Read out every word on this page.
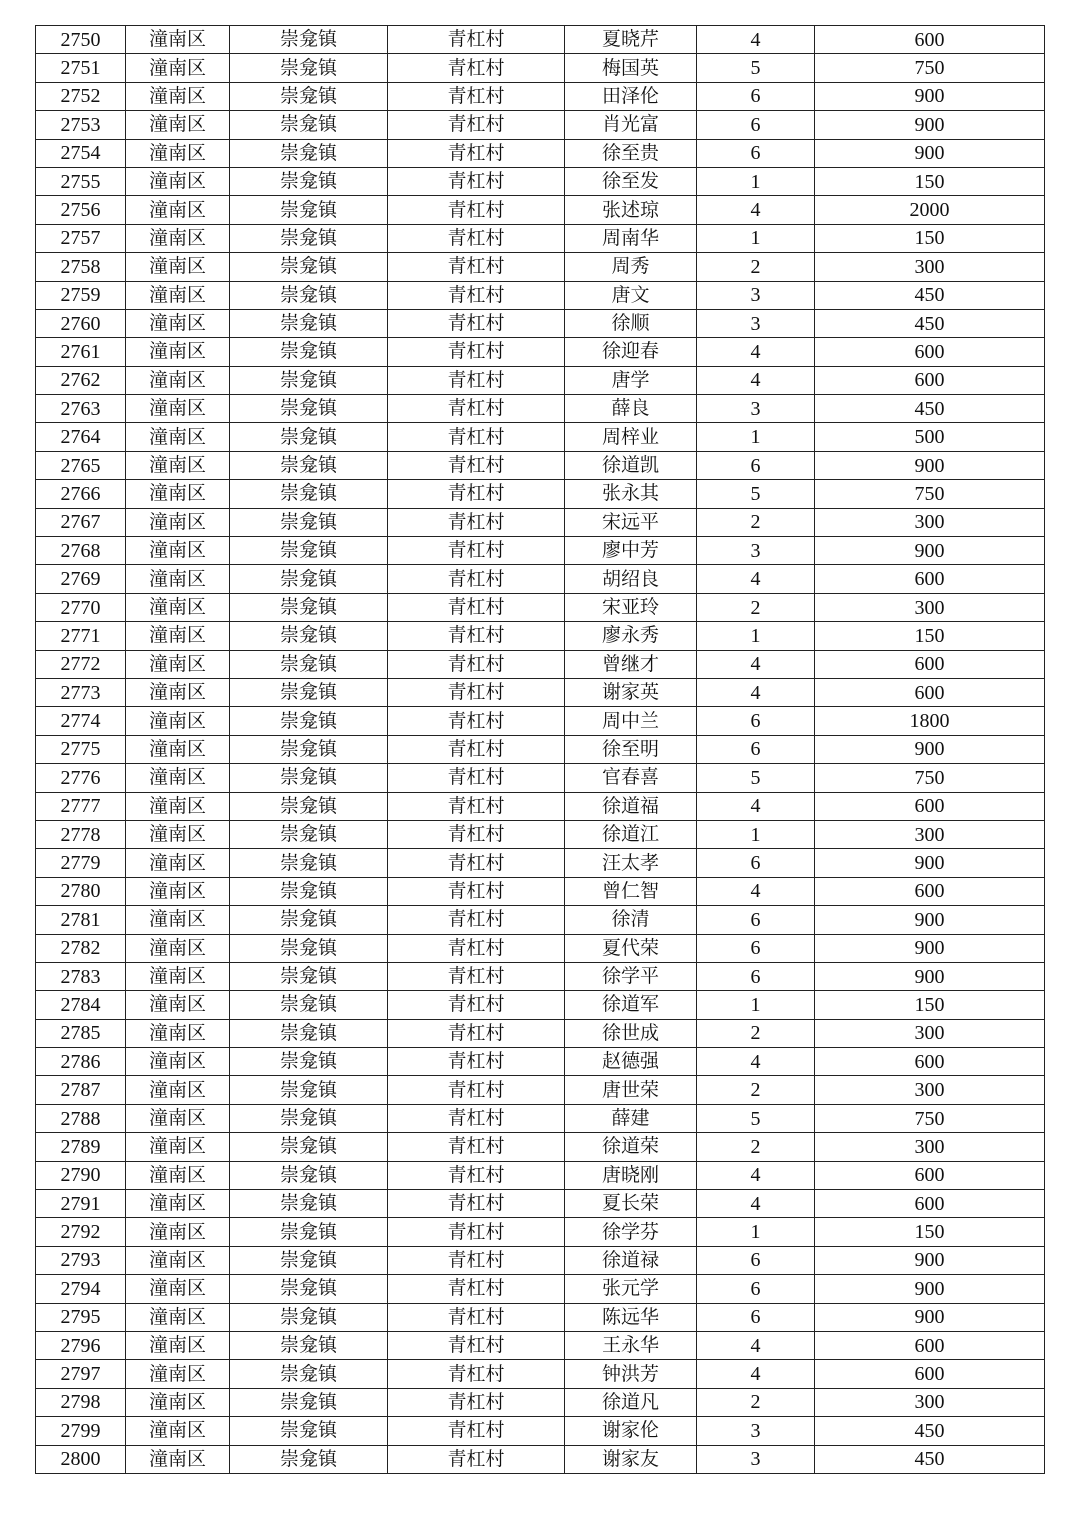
2750	潼南区	崇龛镇	青杠村	夏晓芹	4	600
2751	潼南区	崇龛镇	青杠村	梅国英	5	750
2752	潼南区	崇龛镇	青杠村	田泽伦	6	900
2753	潼南区	崇龛镇	青杠村	肖光富	6	900
2754	潼南区	崇龛镇	青杠村	徐至贵	6	900
2755	潼南区	崇龛镇	青杠村	徐至发	1	150
2756	潼南区	崇龛镇	青杠村	张述琼	4	2000
2757	潼南区	崇龛镇	青杠村	周南华	1	150
2758	潼南区	崇龛镇	青杠村	周秀	2	300
2759	潼南区	崇龛镇	青杠村	唐文	3	450
2760	潼南区	崇龛镇	青杠村	徐顺	3	450
2761	潼南区	崇龛镇	青杠村	徐迎春	4	600
2762	潼南区	崇龛镇	青杠村	唐学	4	600
2763	潼南区	崇龛镇	青杠村	薛良	3	450
2764	潼南区	崇龛镇	青杠村	周梓业	1	500
2765	潼南区	崇龛镇	青杠村	徐道凯	6	900
2766	潼南区	崇龛镇	青杠村	张永其	5	750
2767	潼南区	崇龛镇	青杠村	宋远平	2	300
2768	潼南区	崇龛镇	青杠村	廖中芳	3	900
2769	潼南区	崇龛镇	青杠村	胡绍良	4	600
2770	潼南区	崇龛镇	青杠村	宋亚玲	2	300
2771	潼南区	崇龛镇	青杠村	廖永秀	1	150
2772	潼南区	崇龛镇	青杠村	曾继才	4	600
2773	潼南区	崇龛镇	青杠村	谢家英	4	600
2774	潼南区	崇龛镇	青杠村	周中兰	6	1800
2775	潼南区	崇龛镇	青杠村	徐至明	6	900
2776	潼南区	崇龛镇	青杠村	官春喜	5	750
2777	潼南区	崇龛镇	青杠村	徐道福	4	600
2778	潼南区	崇龛镇	青杠村	徐道江	1	300
2779	潼南区	崇龛镇	青杠村	汪太孝	6	900
2780	潼南区	崇龛镇	青杠村	曾仁智	4	600
2781	潼南区	崇龛镇	青杠村	徐清	6	900
2782	潼南区	崇龛镇	青杠村	夏代荣	6	900
2783	潼南区	崇龛镇	青杠村	徐学平	6	900
2784	潼南区	崇龛镇	青杠村	徐道军	1	150
2785	潼南区	崇龛镇	青杠村	徐世成	2	300
2786	潼南区	崇龛镇	青杠村	赵德强	4	600
2787	潼南区	崇龛镇	青杠村	唐世荣	2	300
2788	潼南区	崇龛镇	青杠村	薛建	5	750
2789	潼南区	崇龛镇	青杠村	徐道荣	2	300
2790	潼南区	崇龛镇	青杠村	唐晓刚	4	600
2791	潼南区	崇龛镇	青杠村	夏长荣	4	600
2792	潼南区	崇龛镇	青杠村	徐学芬	1	150
2793	潼南区	崇龛镇	青杠村	徐道禄	6	900
2794	潼南区	崇龛镇	青杠村	张元学	6	900
2795	潼南区	崇龛镇	青杠村	陈远华	6	900
2796	潼南区	崇龛镇	青杠村	王永华	4	600
2797	潼南区	崇龛镇	青杠村	钟洪芳	4	600
2798	潼南区	崇龛镇	青杠村	徐道凡	2	300
2799	潼南区	崇龛镇	青杠村	谢家伦	3	450
2800	潼南区	崇龛镇	青杠村	谢家友	3	450
